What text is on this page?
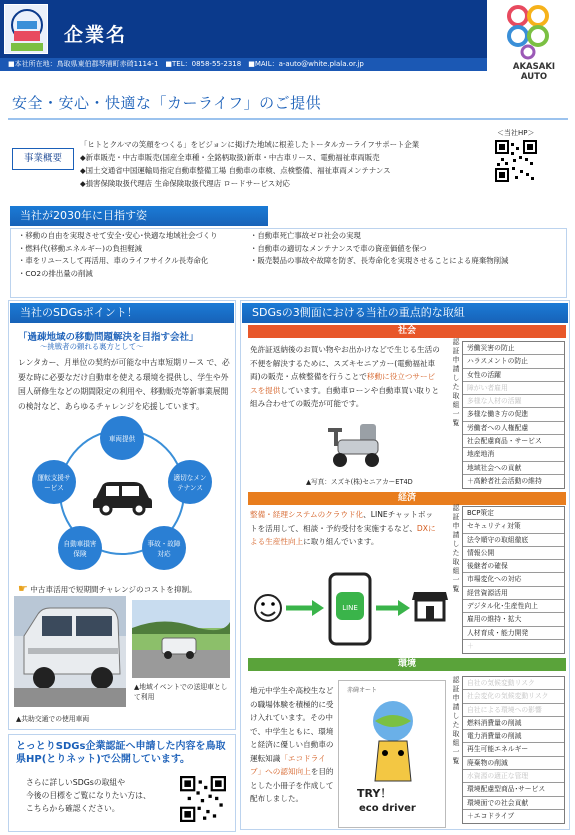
企業名
■本社所在地：鳥取県東伯郡琴浦町赤碕1114-1　■TEL：0858-55-2318　■MAIL：a-auto@white.plala.or.jp	AKASAKI
AUTO
安全・安心・快適な「カーライフ」のご提供
事業概要
「ヒトとクルマの笑顔をつくる」をビジョンに掲げた地域に根差したトータルカーライフサポート企業
◆新車販売・中古車販売(国産全車種・全銘柄取扱)新車・中古車リース、電動福祉車両販売
◆国土交通省中国運輸局指定自動車整備工場 自動車の車検、点検整備、福祉車両メンテナンス
◆損害保険取扱代理店 生命保険取扱代理店 ロードサービス対応
＜当社HP＞
当社が2030年に目指す姿
・移動の自由を実現させて安全･安心･快適な地域社会づくり
・燃料代(移動エネルギー)の負担軽減
・車をリユースして再活用、車のライフサイクル長寿命化
・CO2の排出量の削減
・自動車死亡事故ゼロ社会の実現
・自動車の適切なメンテナンスで車の資産価値を保つ
・販売製品の事故や故障を防ぎ、長寿命化を実現させることによる廃棄物削減
当社のSDGsポイント！
「過疎地域の移動問題解決を目指す会社」
～挑戦者の頼れる裏方として～
レンタカー、月単位の契約が可能な中古車短期リース で、必要な時に必要なだけ自動車を使える環境を提供し、学生や外国人研修生などの期間限定の利用や、移動販売等新事業展開の検討など、あらゆるチャレンジを応援しています。
車両提供
適切なメンテナンス
事故・故障対応
自動車損害保険
運転支援サービス
☛ 中古車活用で短期間チャレンジのコストを抑制。
▲共助交通での使用車両
▲地域イベントでの送迎車として利用
とっとりSDGs企業認証へ申請した内容を鳥取県HP(とりネット)で公開しています。
さらに詳しいSDGsの取組や
今後の目標をご覧になりたい方は、
こちらから確認ください。
SDGsの3側面における当社の重点的な取組
社会
免許証返納後のお買い物やお出かけなどで生じる生活の不便を解決するために、スズキセニアカー(電動福祉車両)の販売・点検整備を行うことで移動に役立つサービスを提供しています。自動車ローンや自動車買い取りと組み合わせての販売が可能です。
▲写真：スズキ(株)セニアカーET4D
認証申請した取組一覧
労働災害の防止
ハラスメントの防止
女性の活躍
障がい者雇用
多様な人材の活躍
多様な働き方の促進
労働者への人権配慮
社会配慮商品・サービス
地産地消
地域社会への貢献
＋高齢者社会活動の維持
経済
整備・経理システムのクラウド化、LINEチャットボットを活用して、相談・予約受付を実施するなど、DXによる生産性向上に取り組んでいます。
LINE
認証申請した取組一覧
BCP策定
セキュリティ対策
法令順守の取組徹底
情報公開
後継者の確保
市場変化への対応
経営資源活用
デジタル化･生産性向上
雇用の維持・拡大
人材育成・能力開発
＋
環境
地元中学生や高校生などの職場体験を積極的に受け入れています。その中で、中学生ともに、環境と経済に優しい自動車の運転知識「エコドライブ」への認知向上を目的とした小冊子を作成して配布しました。
赤碕オート
TRY！
eco driver
認証申請した取組一覧
自社の気候変動リスク
社会変化の気候変動リスク
自社による環境への影響
燃料消費量の削減
電力消費量の削減
再生可能エネルギー
廃棄物の削減
水資源の適正な管理
環境配慮型商品･サービス
環境面での社会貢献
＋エコドライブ
